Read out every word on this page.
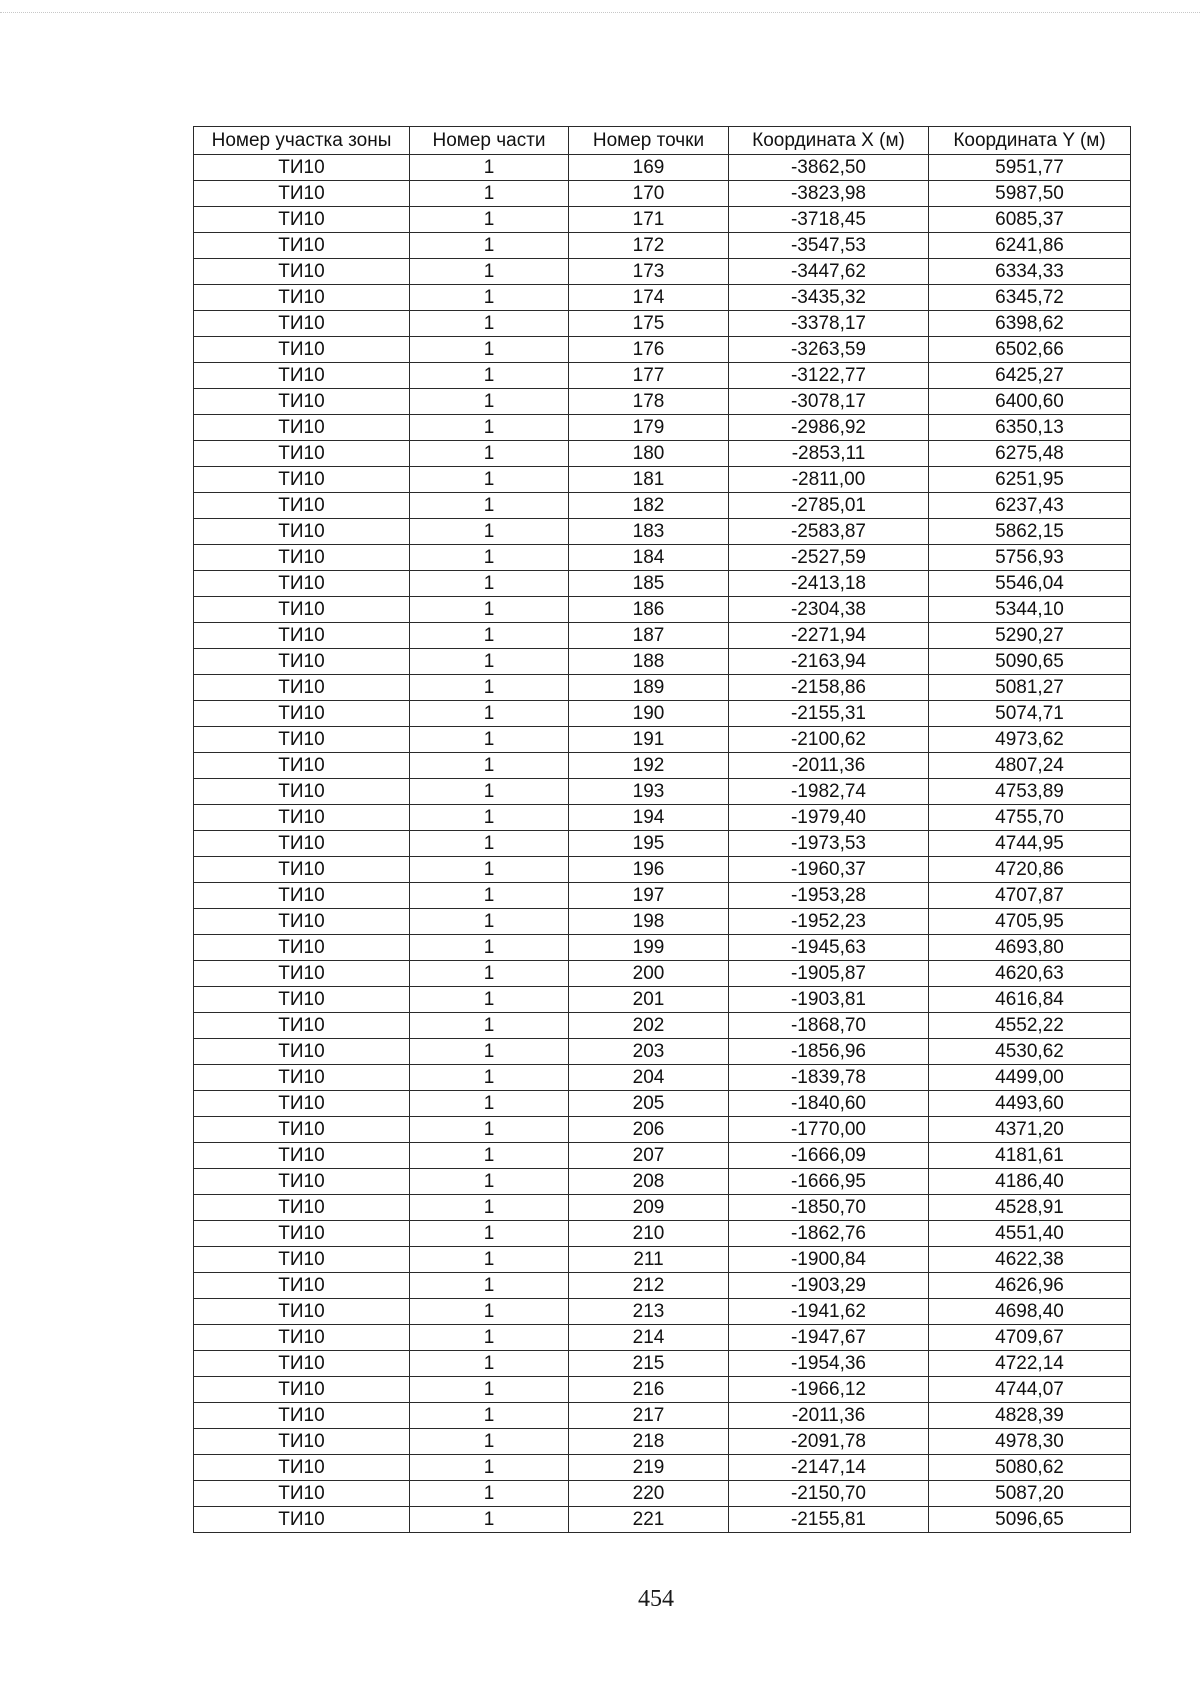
Номер участка зоны	Номер части	Номер точки	Координата X (м)	Координата Y (м)
ТИ10	1	169	-3862,50	5951,77
ТИ10	1	170	-3823,98	5987,50
ТИ10	1	171	-3718,45	6085,37
ТИ10	1	172	-3547,53	6241,86
ТИ10	1	173	-3447,62	6334,33
ТИ10	1	174	-3435,32	6345,72
ТИ10	1	175	-3378,17	6398,62
ТИ10	1	176	-3263,59	6502,66
ТИ10	1	177	-3122,77	6425,27
ТИ10	1	178	-3078,17	6400,60
ТИ10	1	179	-2986,92	6350,13
ТИ10	1	180	-2853,11	6275,48
ТИ10	1	181	-2811,00	6251,95
ТИ10	1	182	-2785,01	6237,43
ТИ10	1	183	-2583,87	5862,15
ТИ10	1	184	-2527,59	5756,93
ТИ10	1	185	-2413,18	5546,04
ТИ10	1	186	-2304,38	5344,10
ТИ10	1	187	-2271,94	5290,27
ТИ10	1	188	-2163,94	5090,65
ТИ10	1	189	-2158,86	5081,27
ТИ10	1	190	-2155,31	5074,71
ТИ10	1	191	-2100,62	4973,62
ТИ10	1	192	-2011,36	4807,24
ТИ10	1	193	-1982,74	4753,89
ТИ10	1	194	-1979,40	4755,70
ТИ10	1	195	-1973,53	4744,95
ТИ10	1	196	-1960,37	4720,86
ТИ10	1	197	-1953,28	4707,87
ТИ10	1	198	-1952,23	4705,95
ТИ10	1	199	-1945,63	4693,80
ТИ10	1	200	-1905,87	4620,63
ТИ10	1	201	-1903,81	4616,84
ТИ10	1	202	-1868,70	4552,22
ТИ10	1	203	-1856,96	4530,62
ТИ10	1	204	-1839,78	4499,00
ТИ10	1	205	-1840,60	4493,60
ТИ10	1	206	-1770,00	4371,20
ТИ10	1	207	-1666,09	4181,61
ТИ10	1	208	-1666,95	4186,40
ТИ10	1	209	-1850,70	4528,91
ТИ10	1	210	-1862,76	4551,40
ТИ10	1	211	-1900,84	4622,38
ТИ10	1	212	-1903,29	4626,96
ТИ10	1	213	-1941,62	4698,40
ТИ10	1	214	-1947,67	4709,67
ТИ10	1	215	-1954,36	4722,14
ТИ10	1	216	-1966,12	4744,07
ТИ10	1	217	-2011,36	4828,39
ТИ10	1	218	-2091,78	4978,30
ТИ10	1	219	-2147,14	5080,62
ТИ10	1	220	-2150,70	5087,20
ТИ10	1	221	-2155,81	5096,65
454
